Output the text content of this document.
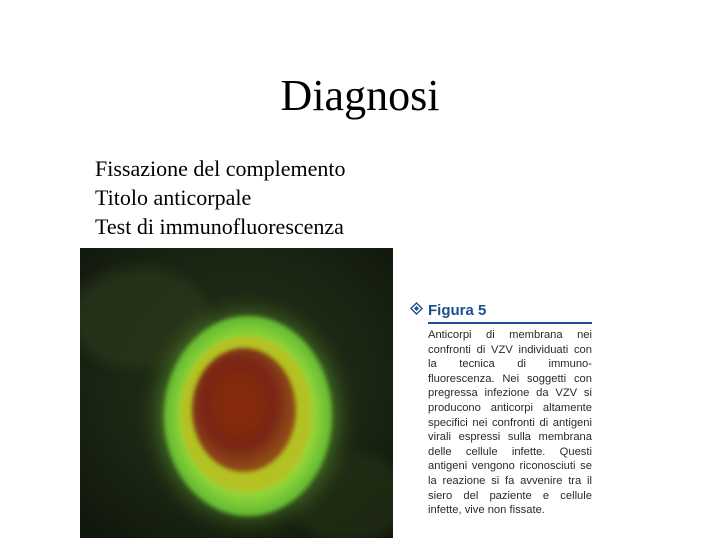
Diagnosi
Fissazione del complemento
Titolo anticorpale
Test di immunofluorescenza
Figura 5
Anticorpi di membrana nei confronti di VZV individuati con la tecnica di immuno-fluorescenza. Nei soggetti con pregressa infezione da VZV si producono anticorpi altamente specifici nei confronti di antigeni virali espressi sulla membrana delle cellule infette. Questi antigeni vengono riconosciuti se la reazione si fa avvenire tra il siero del paziente e cellule infette, vive non fissate.
